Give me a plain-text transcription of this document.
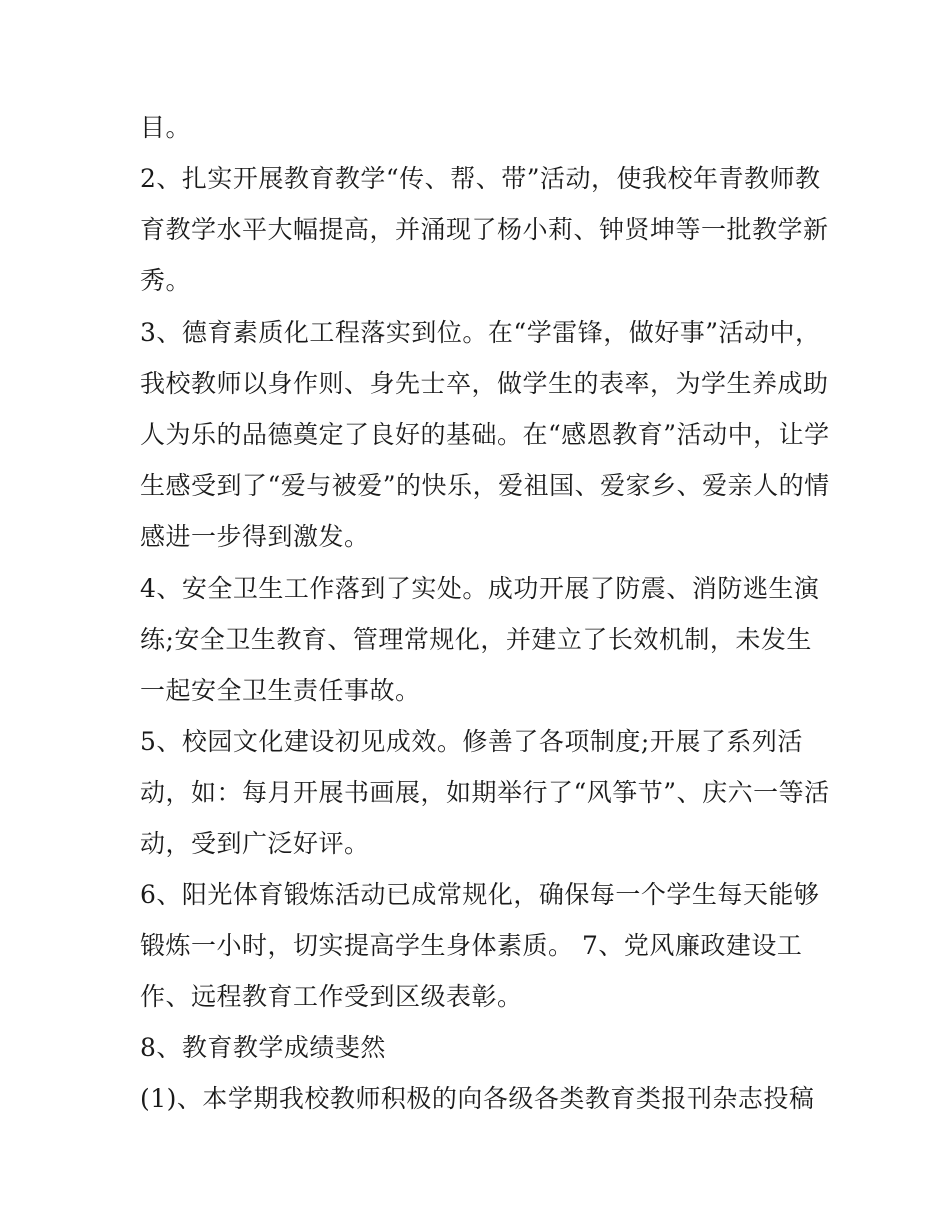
目。
2、扎实开展教育教学“传、帮、带”活动，使我校年青教师教
育教学水平大幅提高，并涌现了杨小莉、钟贤坤等一批教学新
秀。
3、德育素质化工程落实到位。在“学雷锋，做好事”活动中，
我校教师以身作则、身先士卒，做学生的表率，为学生养成助
人为乐的品德奠定了良好的基础。在“感恩教育”活动中，让学
生感受到了“爱与被爱”的快乐，爱祖国、爱家乡、爱亲人的情
感进一步得到激发。
4、安全卫生工作落到了实处。成功开展了防震、消防逃生演
练;安全卫生教育、管理常规化，并建立了长效机制，未发生
一起安全卫生责任事故。
5、校园文化建设初见成效。修善了各项制度;开展了系列活
动，如：每月开展书画展，如期举行了“风筝节”、庆六一等活
动，受到广泛好评。
6、阳光体育锻炼活动已成常规化，确保每一个学生每天能够
锻炼一小时，切实提高学生身体素质。 7、党风廉政建设工
作、远程教育工作受到区级表彰。
8、教育教学成绩斐然
(1)、本学期我校教师积极的向各级各类教育类报刊杂志投稿
